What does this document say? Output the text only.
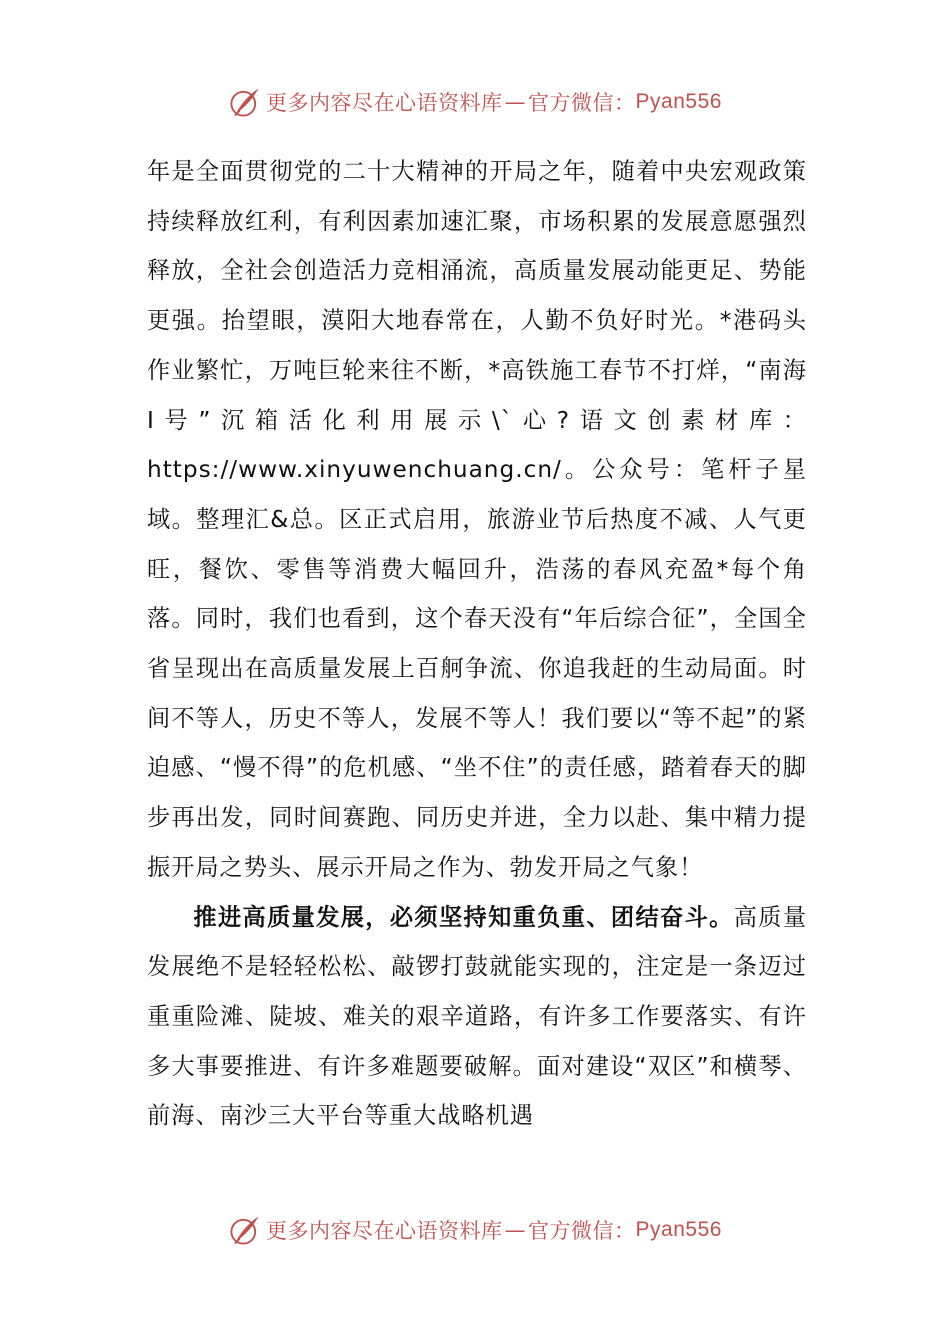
更多内容尽在心语资料库 — 官方微信： Pyan556

年是全面贯彻党的二十大精神的开局之年，随着中央宏观政策持续释放红利，有利因素加速汇聚，市场积累的发展意愿强烈释放，全社会创造活力竞相涌流，高质量发展动能更足、势能更强。抬望眼，漠阳大地春常在，人勤不负好时光。*港码头作业繁忙，万吨巨轮来往不断，*高铁施工春节不打烊，“南海Ⅰ号”沉箱活化利用展示\`心?语文创素材库：https://www.xinyuwenchuang.cn/。公众号：笔杆子星域。整理汇&总。区正式启用，旅游业节后热度不减、人气更旺，餐饮、零售等消费大幅回升，浩荡的春风充盈*每个角落。同时，我们也看到，这个春天没有“年后综合征”，全国全省呈现出在高质量发展上百舸争流、你追我赶的生动局面。时间不等人，历史不等人，发展不等人！我们要以“等不起”的紧迫感、“慢不得”的危机感、“坐不住”的责任感，踏着春天的脚步再出发，同时间赛跑、同历史并进，全力以赴、集中精力提振开局之势头、展示开局之作为、勃发开局之气象！

推进高质量发展，必须坚持知重负重、团结奋斗。高质量发展绝不是轻轻松松、敲锣打鼓就能实现的，注定是一条迈过重重险滩、陡坡、难关的艰辛道路，有许多工作要落实、有许多大事要推进、有许多难题要破解。面对建设“双区”和横琴、前海、南沙三大平台等重大战略机遇

更多内容尽在心语资料库 — 官方微信： Pyan556
